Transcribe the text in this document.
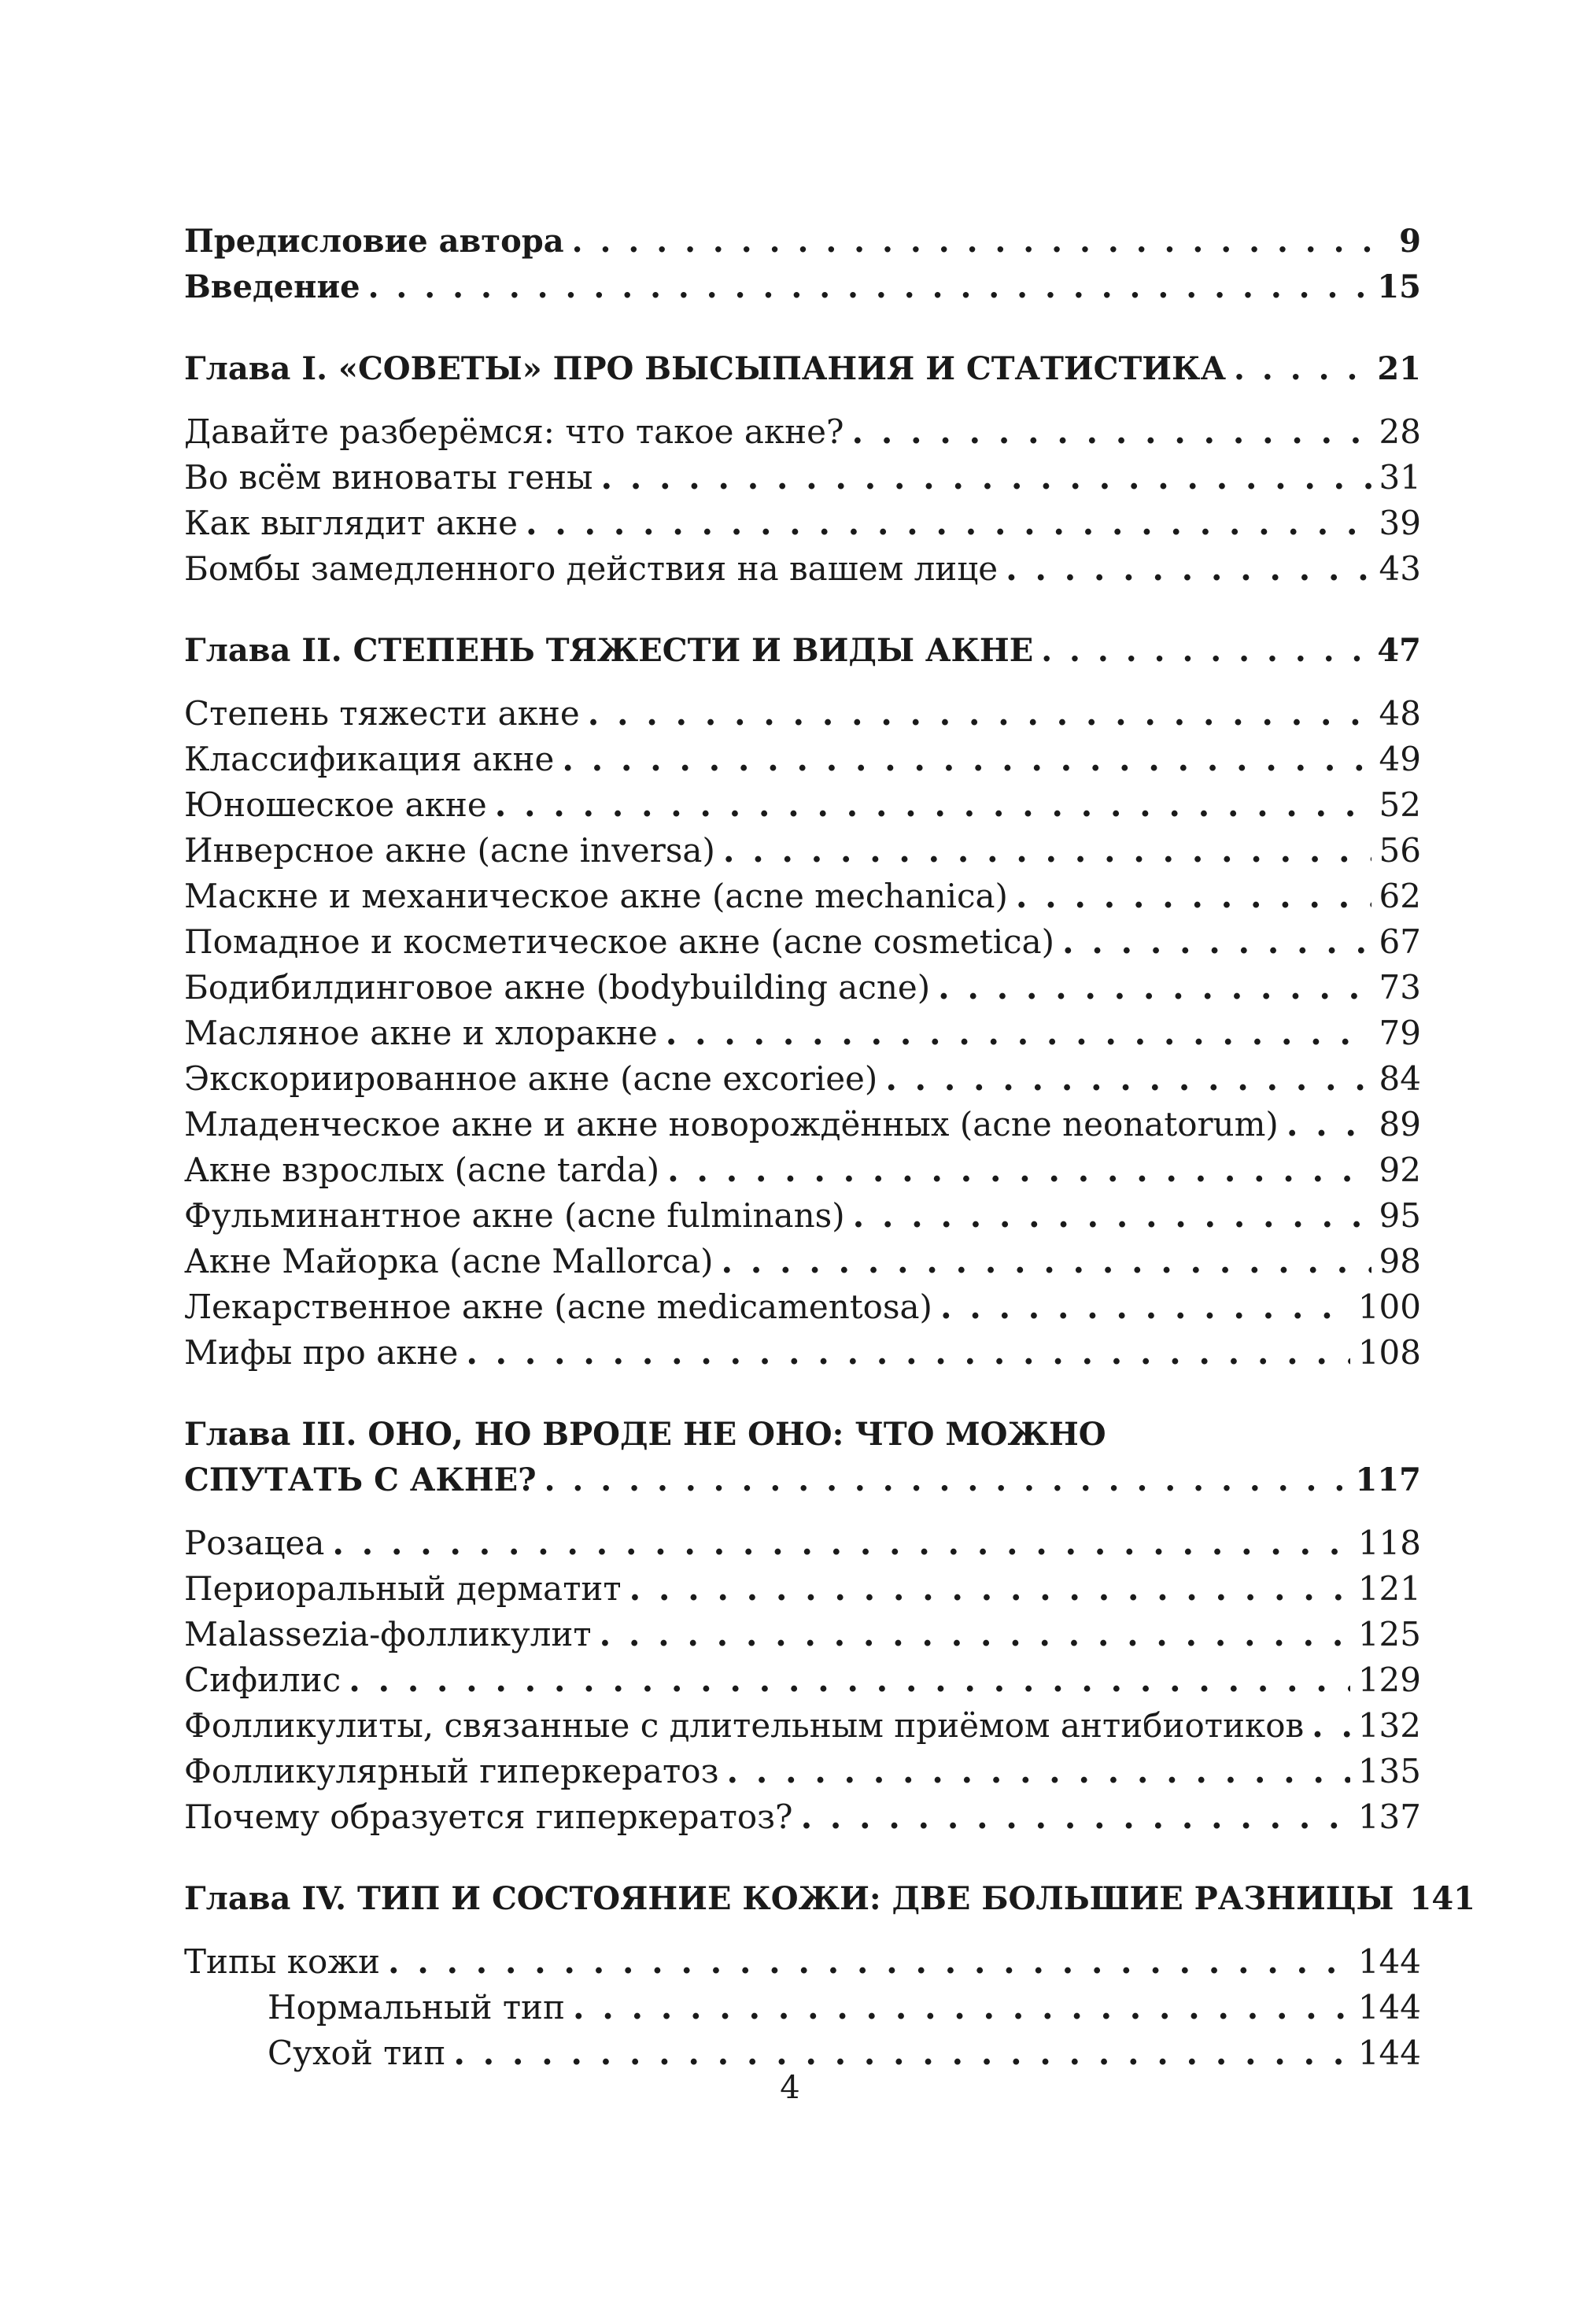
Предисловие автора . . .	9
Введение . . .	15
Глава I. «СОВЕТЫ» ПРО ВЫСЫПАНИЯ И СТАТИСТИКА . . .	21
Давайте разберёмся: что такое акне? . . .	28
Во всём виноваты гены . . .	31
Как выглядит акне . . .	39
Бомбы замедленного действия на вашем лице . . .	43
Глава II. СТЕПЕНЬ ТЯЖЕСТИ И ВИДЫ АКНЕ . . .	47
Степень тяжести акне . . .	48
Классификация акне . . .	49
Юношеское акне . . .	52
Инверсное акне (acne inversa) . . .	56
Маскне и механическое акне (acne mechanica) . . .	62
Помадное и косметическое акне (acne cosmetica) . . .	67
Бодибилдинговое акне (bodybuilding acne) . . .	73
Масляное акне и хлоракне . . .	79
Экскориированное акне (acne excoriee) . . .	84
Младенческое акне и акне новорождённых (acne neonatorum) . . .	89
Акне взрослых (acne tarda) . . .	92
Фульминантное акне (acne fulminans) . . .	95
Акне Майорка (acne Mallorca) . . .	98
Лекарственное акне (acne medicamentosa) . . .	100
Мифы про акне . . .	108
Глава III. ОНО, НО ВРОДЕ НЕ ОНО: ЧТО МОЖНО
СПУТАТЬ С АКНЕ? . . .	117
Розацеа . . .	118
Периоральный дерматит . . .	121
Malassezia-фолликулит . . .	125
Сифилис . . .	129
Фолликулиты, связанные с длительным приёмом антибиотиков . . . 132
Фолликулярный гиперкератоз . . .	135
Почему образуется гиперкератоз? . . .	137
Глава IV. ТИП И СОСТОЯНИЕ КОЖИ: ДВЕ БОЛЬШИЕ РАЗНИЦЫ 141
Типы кожи . . .	144
Нормальный тип . . .	144
Сухой тип . . .	144
4
